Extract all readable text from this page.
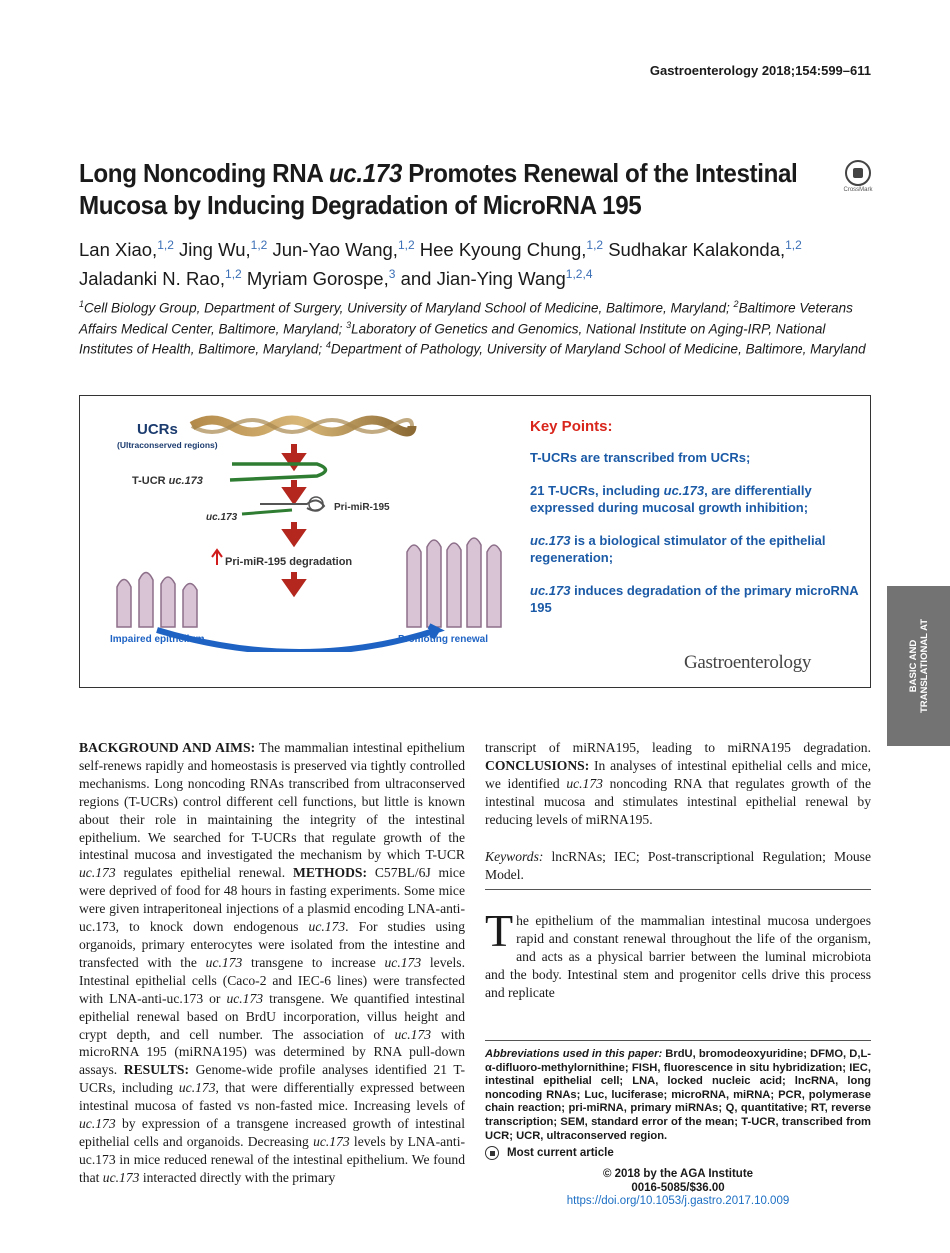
Gastroenterology 2018;154:599–611
Long Noncoding RNA uc.173 Promotes Renewal of the Intestinal
Mucosa by Inducing Degradation of MicroRNA 195	CrossMark
Lan Xiao,$^{1,2}$ Jing Wu,$^{1,2}$ Jun-Yao Wang,$^{1,2}$ Hee Kyoung Chung,$^{1,2}$ Sudhakar Kalakonda,$^{1,2}$
Jaladanki N. Rao,$^{1,2}$ Myriam Gorospe,$^3$ and Jian-Ying Wang$^{1,2,4}$
$^1$Cell Biology Group, Department of Surgery, University of Maryland School of Medicine, Baltimore, Maryland; $^2$Baltimore Veterans Affairs Medical Center, Baltimore, Maryland; $^3$Laboratory of Genetics and Genomics, National Institute on Aging-IRP, National Institutes of Health, Baltimore, Maryland; $^4$Department of Pathology, University of Maryland School of Medicine, Baltimore, Maryland
UCRs
(Ultraconserved regions)
T-UCR uc.173
uc.173
Pri-miR-195
Pri-miR-195 degradation
Impaired epithelium	Promoting renewal
Key Points:
T-UCRs are transcribed from UCRs;
21 T-UCRs, including uc.173, are differentially expressed during mucosal growth inhibition;
uc.173 is a biological stimulator of the epithelial regeneration;
uc.173 induces degradation of the primary microRNA 195
Gastroenterology
BACKGROUND AND AIMS: The mammalian intestinal epithelium self-renews rapidly and homeostasis is preserved via tightly controlled mechanisms. Long noncoding RNAs transcribed from ultraconserved regions (T-UCRs) control different cell functions, but little is known about their role in maintaining the integrity of the intestinal epithelium. We searched for T-UCRs that regulate growth of the intestinal mucosa and investigated the mechanism by which T-UCR uc.173 regulates epithelial renewal. METHODS: C57BL/6J mice were deprived of food for 48 hours in fasting experiments. Some mice were given intraperitoneal injections of a plasmid encoding LNA-anti-uc.173, to knock down endogenous uc.173. For studies using organoids, primary enterocytes were isolated from the intestine and transfected with the uc.173 transgene to increase uc.173 levels. Intestinal epithelial cells (Caco-2 and IEC-6 lines) were transfected with LNA-anti-uc.173 or uc.173 transgene. We quantified intestinal epithelial renewal based on BrdU incorporation, villus height and crypt depth, and cell number. The association of uc.173 with microRNA 195 (miRNA195) was determined by RNA pull-down assays. RESULTS: Genome-wide profile analyses identified 21 T-UCRs, including uc.173, that were differentially expressed between intestinal mucosa of fasted vs non-fasted mice. Increasing levels of uc.173 by expression of a transgene increased growth of intestinal epithelial cells and organoids. Decreasing uc.173 levels by LNA-anti-uc.173 in mice reduced renewal of the intestinal epithelium. We found that uc.173 interacted directly with the primary
transcript of miRNA195, leading to miRNA195 degradation. CONCLUSIONS: In analyses of intestinal epithelial cells and mice, we identified uc.173 noncoding RNA that regulates growth of the intestinal mucosa and stimulates intestinal epithelial renewal by reducing levels of miRNA195.
Keywords: lncRNAs; IEC; Post-transcriptional Regulation; Mouse Model.
The epithelium of the mammalian intestinal mucosa undergoes rapid and constant renewal throughout the life of the organism, and acts as a physical barrier between the luminal microbiota and the body. Intestinal stem and progenitor cells drive this process and replicate
Abbreviations used in this paper: BrdU, bromodeoxyuridine; DFMO, D,L-α-difluoro-methylornithine; FISH, fluorescence in situ hybridization; IEC, intestinal epithelial cell; LNA, locked nucleic acid; lncRNA, long noncoding RNAs; Luc, luciferase; microRNA, miRNA; PCR, polymerase chain reaction; pri-miRNA, primary miRNAs; Q, quantitative; RT, reverse transcription; SEM, standard error of the mean; T-UCR, transcribed from UCR; UCR, ultraconserved region.
Most current article
© 2018 by the AGA Institute
0016-5085/$36.00
https://doi.org/10.1053/j.gastro.2017.10.009
BASIC AND TRANSLATIONAL AT
